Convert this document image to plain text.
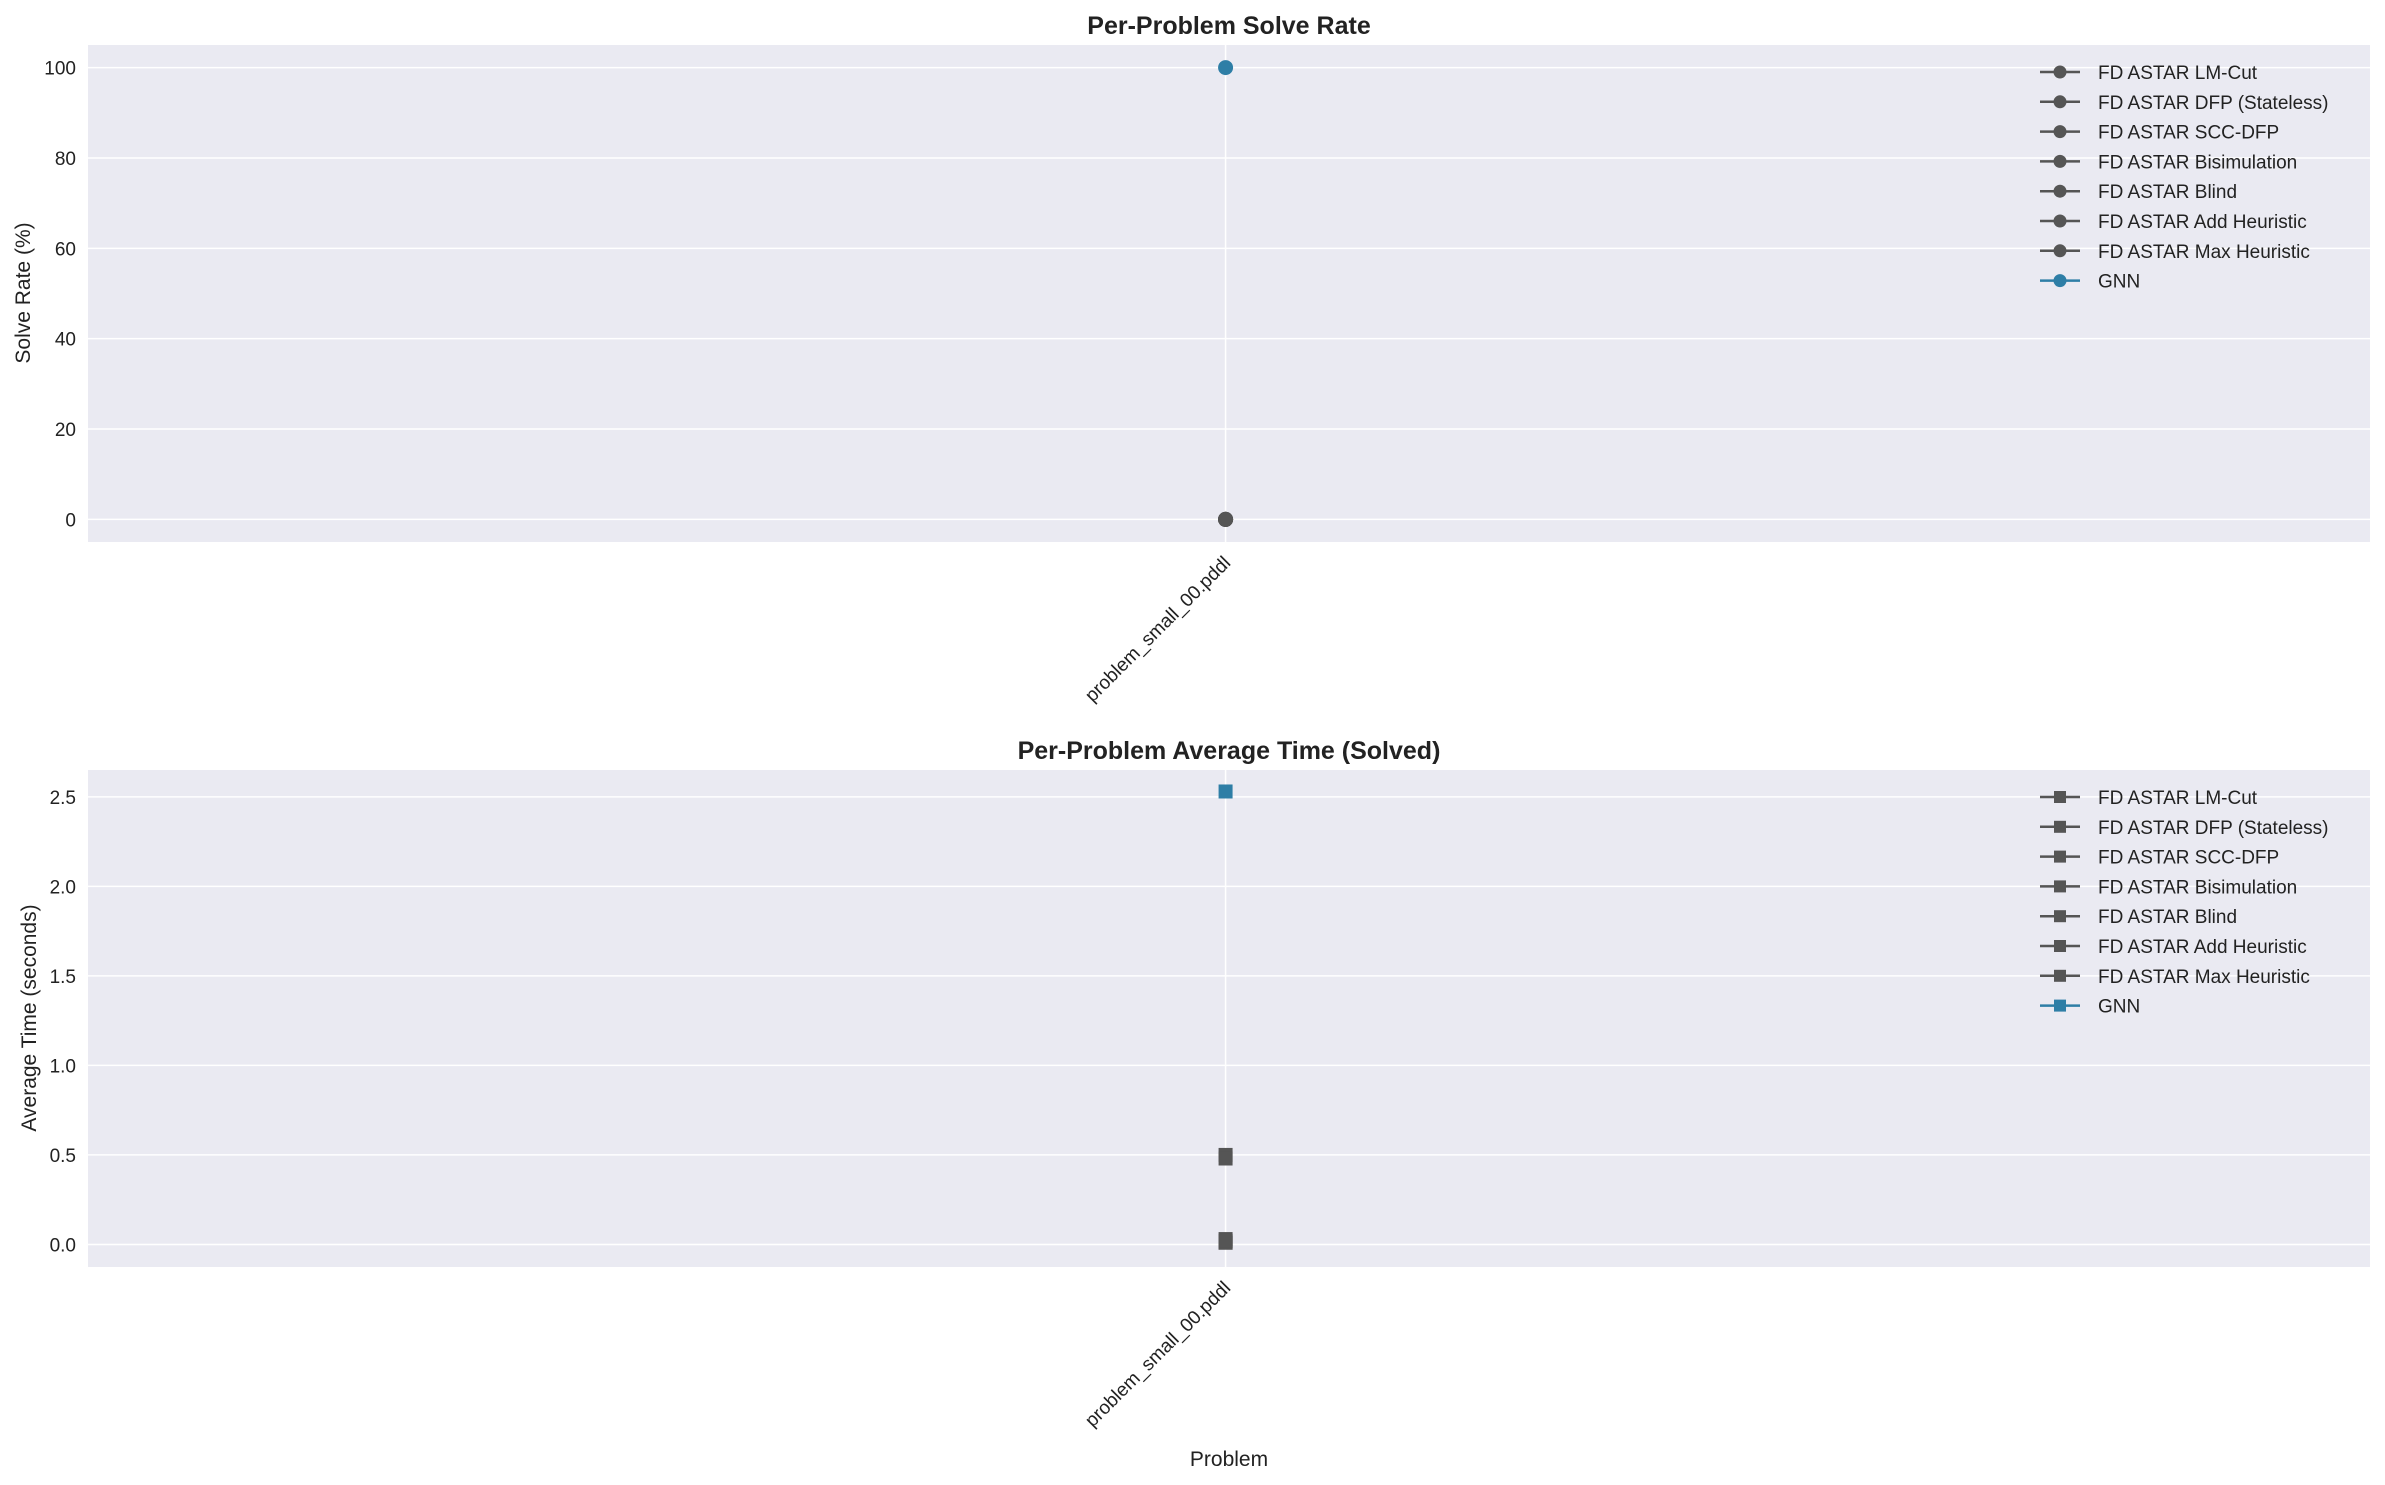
0
20
40
60
80
100
problem_small_00.pddl
Per-Problem Solve Rate
Solve Rate (%)
FD ASTAR LM-Cut
FD ASTAR DFP (Stateless)
FD ASTAR SCC-DFP
FD ASTAR Bisimulation
FD ASTAR Blind
FD ASTAR Add Heuristic
FD ASTAR Max Heuristic
GNN
0.0
0.5
1.0
1.5
2.0
2.5
problem_small_00.pddl
Per-Problem Average Time (Solved)
Average Time (seconds)
Problem
FD ASTAR LM-Cut
FD ASTAR DFP (Stateless)
FD ASTAR SCC-DFP
FD ASTAR Bisimulation
FD ASTAR Blind
FD ASTAR Add Heuristic
FD ASTAR Max Heuristic
GNN
